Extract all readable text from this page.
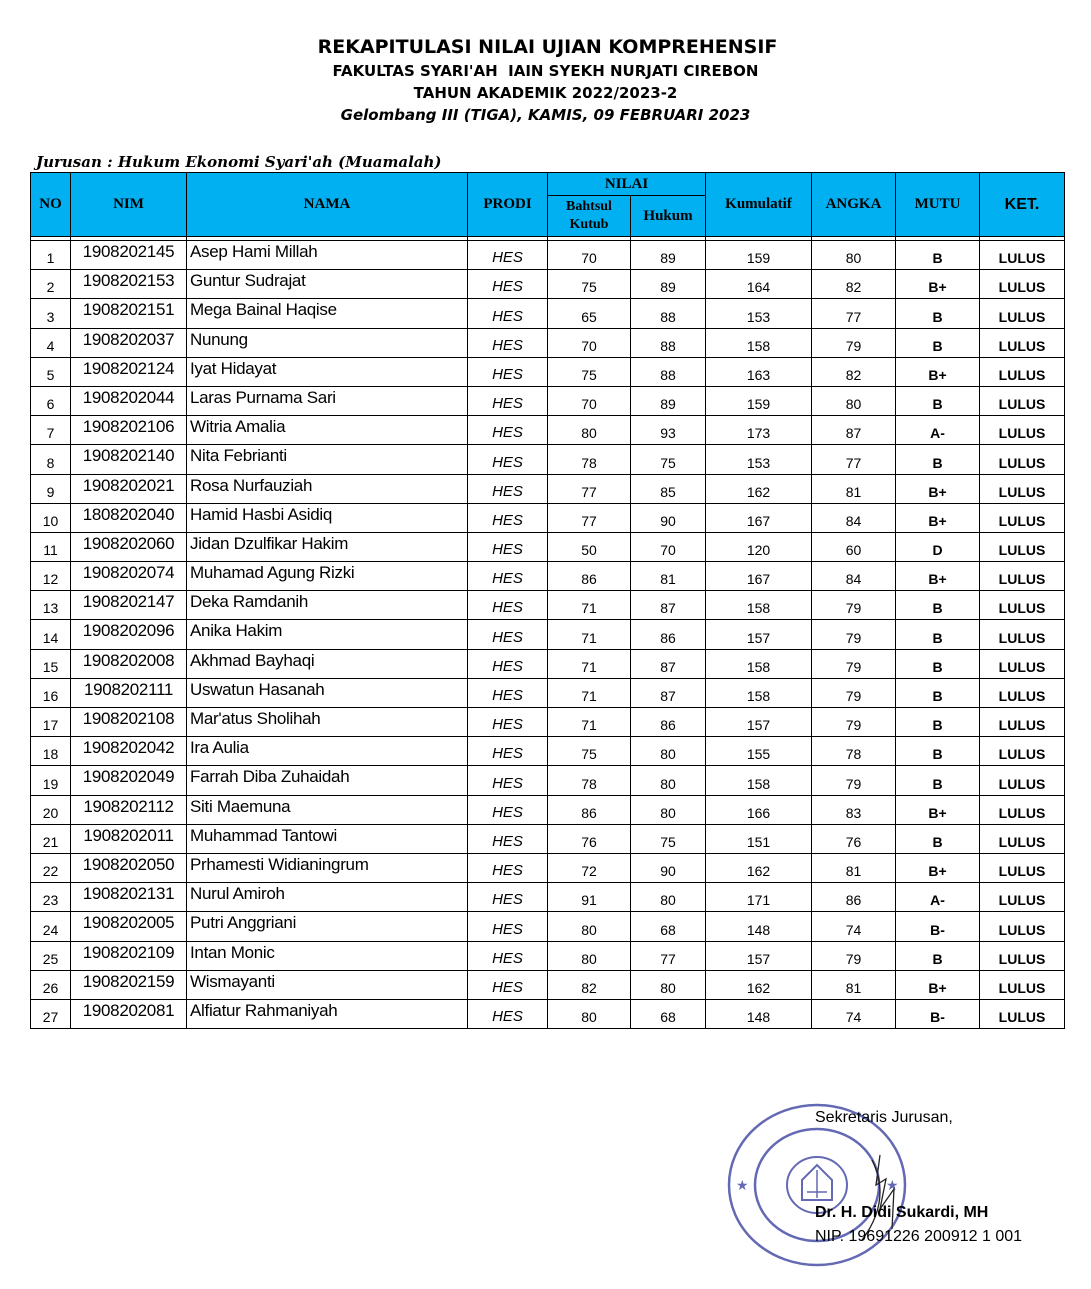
REKAPITULASI NILAI UJIAN KOMPREHENSIF
FAKULTAS SYARI'AH  IAIN SYEKH NURJATI CIREBON
TAHUN AKADEMIK 2022/2023-2
Gelombang III (TIGA), KAMIS, 09 FEBRUARI 2023
Jurusan : Hukum Ekonomi Syari'ah (Muamalah)
NO	NIM	NAMA	PRODI	NILAI		Kumulatif	ANGKA	MUTU	KET.
				Bahtsul Kutub	Hukum				

1	1908202145	Asep Hami Millah	HES	70	89	159	80	B	LULUS
2	1908202153	Guntur Sudrajat	HES	75	89	164	82	B+	LULUS
3	1908202151	Mega Bainal Haqise	HES	65	88	153	77	B	LULUS
4	1908202037	Nunung	HES	70	88	158	79	B	LULUS
5	1908202124	Iyat Hidayat	HES	75	88	163	82	B+	LULUS
6	1908202044	Laras Purnama Sari	HES	70	89	159	80	B	LULUS
7	1908202106	Witria Amalia	HES	80	93	173	87	A-	LULUS
8	1908202140	Nita Febrianti	HES	78	75	153	77	B	LULUS
9	1908202021	Rosa Nurfauziah	HES	77	85	162	81	B+	LULUS
10	1808202040	Hamid Hasbi Asidiq	HES	77	90	167	84	B+	LULUS
11	1908202060	Jidan Dzulfikar Hakim	HES	50	70	120	60	D	LULUS
12	1908202074	Muhamad Agung Rizki	HES	86	81	167	84	B+	LULUS
13	1908202147	Deka Ramdanih	HES	71	87	158	79	B	LULUS
14	1908202096	Anika Hakim	HES	71	86	157	79	B	LULUS
15	1908202008	Akhmad Bayhaqi	HES	71	87	158	79	B	LULUS
16	1908202111	Uswatun Hasanah	HES	71	87	158	79	B	LULUS
17	1908202108	Mar'atus Sholihah	HES	71	86	157	79	B	LULUS
18	1908202042	Ira Aulia	HES	75	80	155	78	B	LULUS
19	1908202049	Farrah Diba Zuhaidah	HES	78	80	158	79	B	LULUS
20	1908202112	Siti Maemuna	HES	86	80	166	83	B+	LULUS
21	1908202011	Muhammad Tantowi	HES	76	75	151	76	B	LULUS
22	1908202050	Prhamesti Widianingrum	HES	72	90	162	81	B+	LULUS
23	1908202131	Nurul Amiroh	HES	91	80	171	86	A-	LULUS
24	1908202005	Putri Anggriani	HES	80	68	148	74	B-	LULUS
25	1908202109	Intan Monic	HES	80	77	157	79	B	LULUS
26	1908202159	Wismayanti	HES	82	80	162	81	B+	LULUS
27	1908202081	Alfiatur Rahmaniyah	HES	80	68	148	74	B-	LULUS
★	★
Sekretaris Jurusan,
Dr. H. Didi Sukardi, MH
NIP. 19691226 200912 1 001
